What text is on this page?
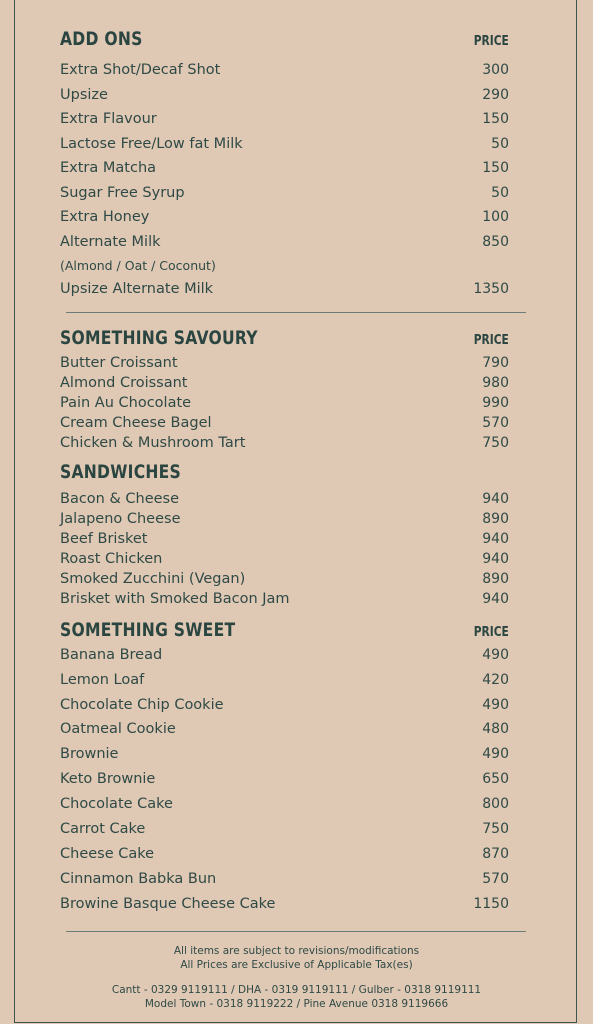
ADD ONS	PRICE
Extra Shot/Decaf Shot	300
Upsize	290
Extra Flavour	150
Lactose Free/Low fat Milk	50
Extra Matcha	150
Sugar Free Syrup	50
Extra Honey	100
Alternate Milk	850
(Almond / Oat / Coconut)
Upsize Alternate Milk	1350
SOMETHING SAVOURY	PRICE
Butter Croissant	790
Almond Croissant	980
Pain Au Chocolate	990
Cream Cheese Bagel	570
Chicken & Mushroom Tart	750
SANDWICHES
Bacon & Cheese	940
Jalapeno Cheese	890
Beef Brisket	940
Roast Chicken	940
Smoked Zucchini (Vegan)	890
Brisket with Smoked Bacon Jam	940
SOMETHING SWEET	PRICE
Banana Bread	490
Lemon Loaf	420
Chocolate Chip Cookie	490
Oatmeal Cookie	480
Brownie	490
Keto Brownie	650
Chocolate Cake	800
Carrot Cake	750
Cheese Cake	870
Cinnamon Babka Bun	570
Browine Basque Cheese Cake	1150
All items are subject to revisions/modifications
All Prices are Exclusive of Applicable Tax(es)
Cantt - 0329 9119111 / DHA - 0319 9119111 / Gulber - 0318 9119111
Model Town - 0318 9119222 / Pine Avenue 0318 9119666
